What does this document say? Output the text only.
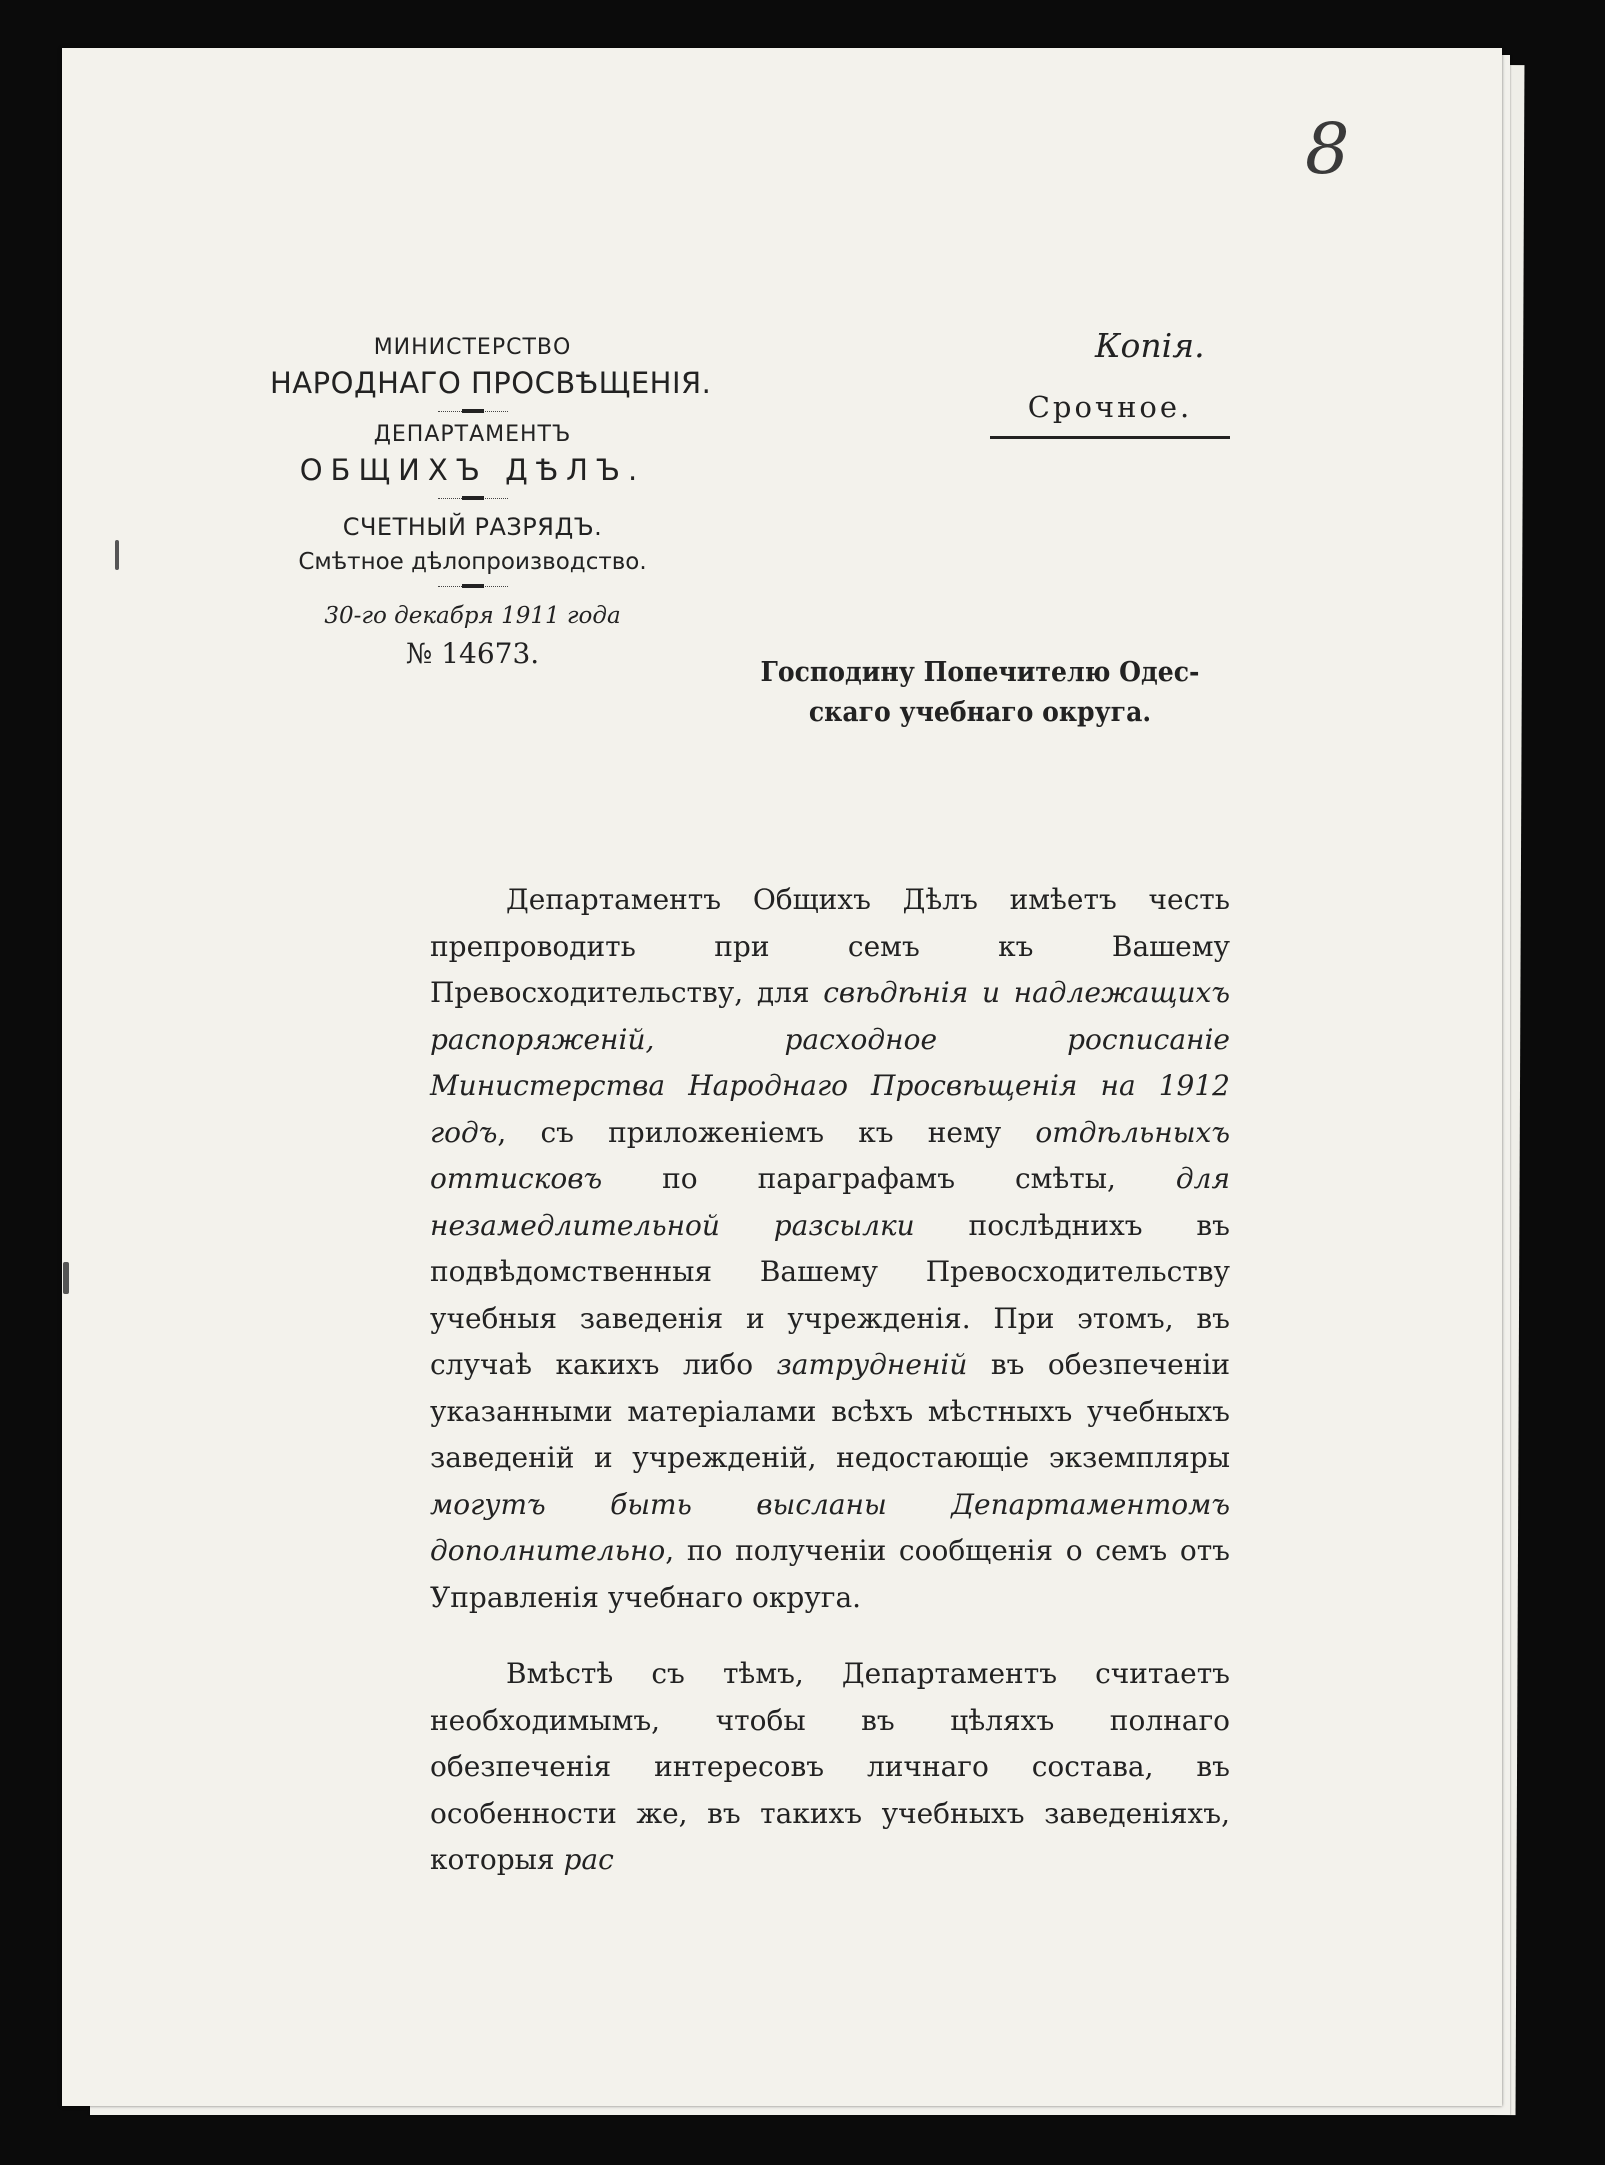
8
МИНИСТЕРСТВО
НАРОДНАГО ПРОСВѢЩЕНІЯ.
ДЕПАРТАМЕНТЪ
ОБЩИХЪ ДѢЛЪ.
СЧЕТНЫЙ РАЗРЯДЪ.
Смѣтное дѣлопроизводство.
30-го декабря 1911 года
№ 14673.
Копія.
Срочное.
Господину Попечителю Одес-
скаго учебнаго округа.

Департаментъ Общихъ Дѣлъ имѣетъ честь препроводить при семъ къ Вашему Превосходительству, для свѣдѣнія и надлежащихъ распоряженій, расходное росписаніе Министерства Народнаго Просвѣщенія на 1912 годъ, съ приложеніемъ къ нему отдѣльныхъ оттисковъ по параграфамъ смѣты, для незамедлительной разсылки послѣднихъ въ подвѣдомственныя Вашему Превосходительству учебныя заведенія и учрежденія. При этомъ, въ случаѣ какихъ либо затрудненій въ обезпеченіи указанными матеріалами всѣхъ мѣстныхъ учебныхъ заведеній и учрежденій, недостающіе экземпляры могутъ быть высланы Департаментомъ дополнительно, по полученіи сообщенія о семъ отъ Управленія учебнаго округа.

Вмѣстѣ съ тѣмъ, Департаментъ считаетъ необходимымъ, чтобы въ цѣляхъ полнаго обезпеченія интересовъ личнаго состава, въ особенности же, въ такихъ учебныхъ заведеніяхъ, которыя рас
